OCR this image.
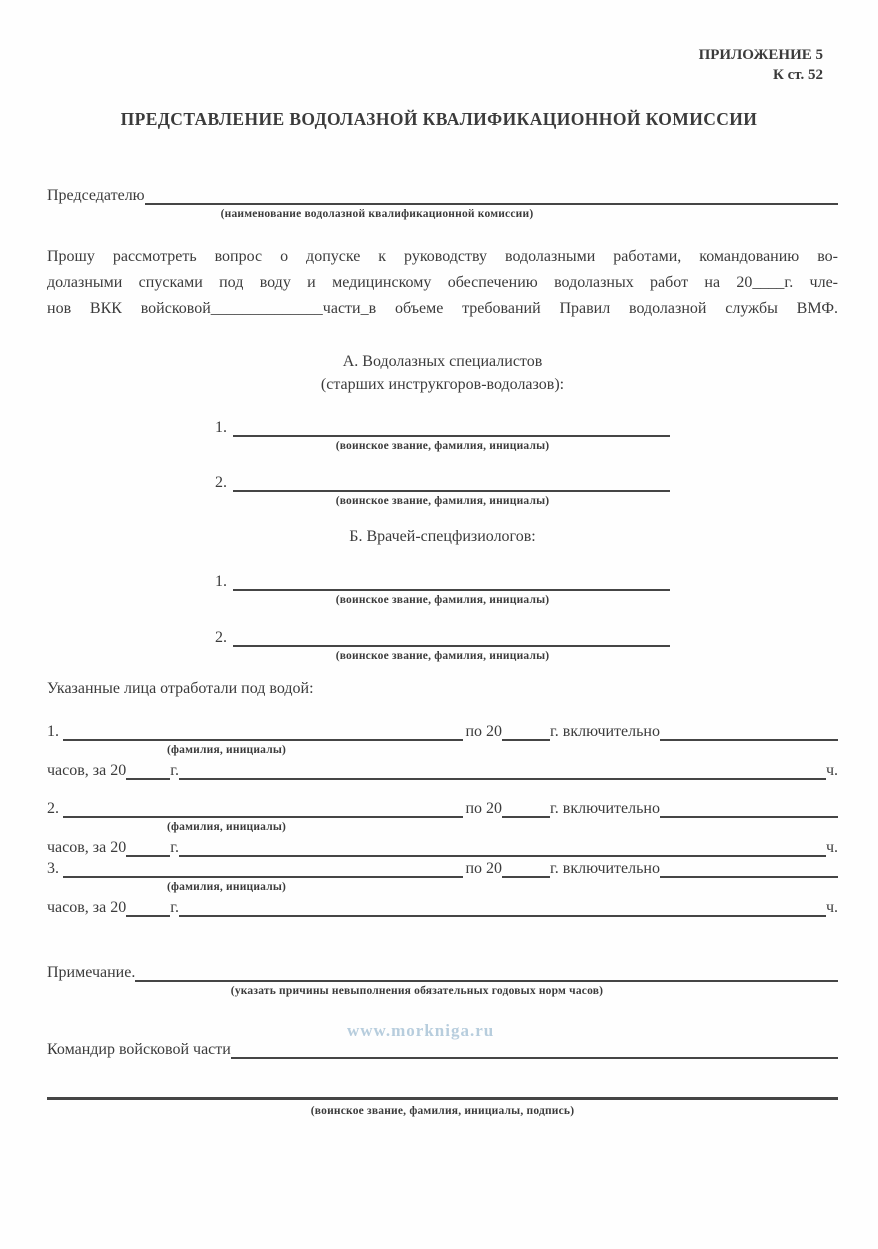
ПРИЛОЖЕНИЕ 5
К ст. 52
ПРЕДСТАВЛЕНИЕ ВОДОЛАЗНОЙ КВАЛИФИКАЦИОННОЙ КОМИССИИ
Председателю
(наименование водолазной квалификационной комиссии)
Прошу рассмотреть вопрос о допуске к руководству водолазными работами, командованию во-
долазными спусками под воду и медицинскому обеспечению водолазных работ на 20____г. чле-
нов ВКК войсковой______________части_в объеме требований Правил водолазной службы ВМФ.
А. Водолазных специалистов
(старших инструкгоров-водолазов):
1.
(воинское звание, фамилия, инициалы)
2.
(воинское звание, фамилия, инициалы)
Б. Врачей-спецфизиологов:
1.
(воинское звание, фамилия, инициалы)
2.
(воинское звание, фамилия, инициалы)
Указанные лица отработали под водой:
1.	по 20	г. включительно
(фамилия, инициалы)
часов, за 20	г.	ч.
2.	по 20	г. включительно
(фамилия, инициалы)
часов, за 20	г.	ч.
3.	по 20	г. включительно
(фамилия, инициалы)
часов, за 20	г.	ч.
Примечание.
(указать причины невыполнения обязательных годовых норм часов)
www.morkniga.ru
Командир войсковой части
(воинское звание, фамилия, инициалы, подпись)
